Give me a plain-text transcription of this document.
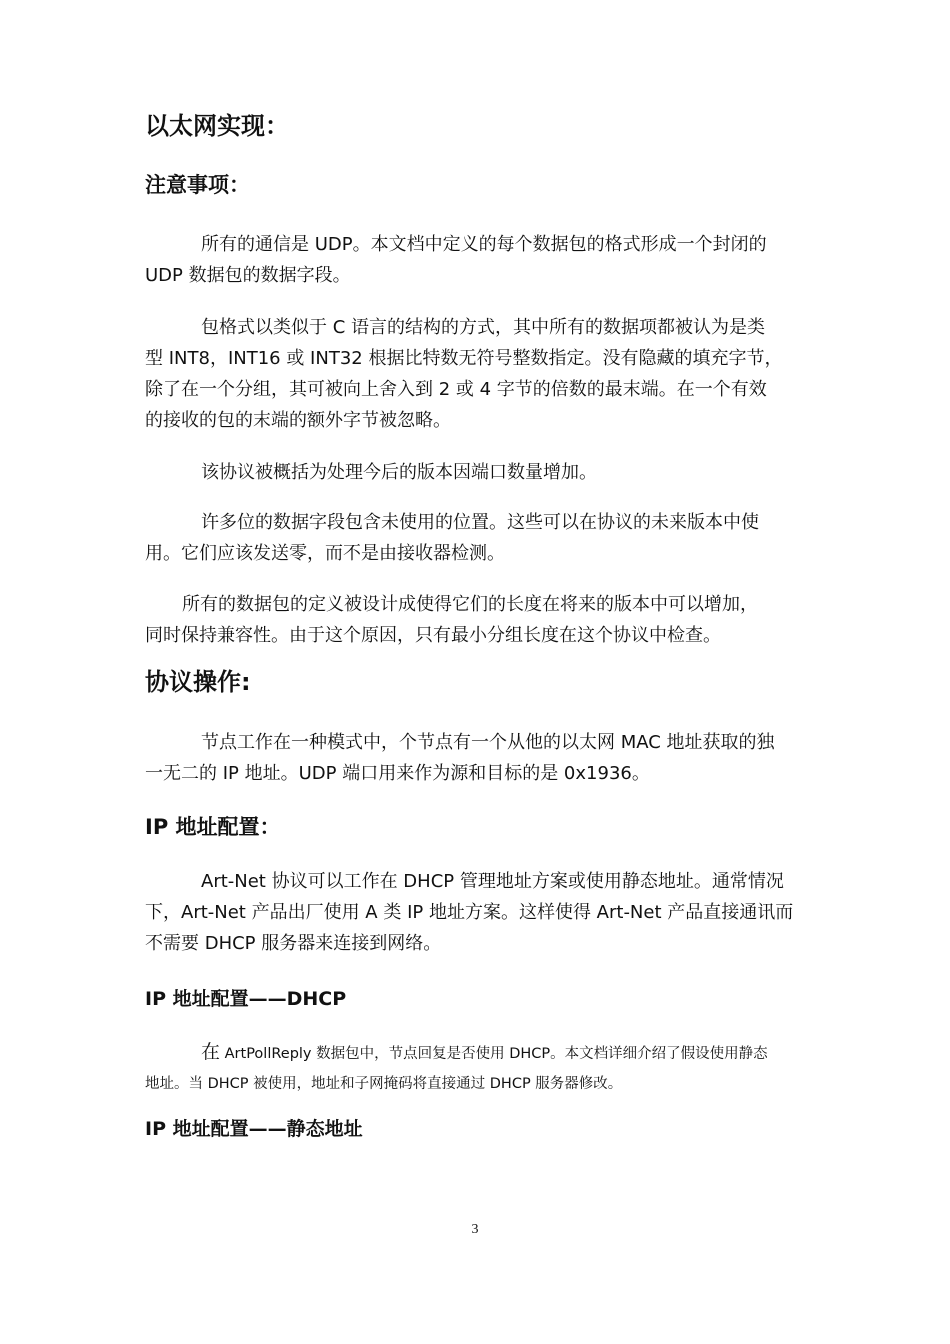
以太网实现：
注意事项：
所有的通信是 UDP。本文档中定义的每个数据包的格式形成一个封闭的
UDP 数据包的数据字段。
包格式以类似于 C 语言的结构的方式，其中所有的数据项都被认为是类
型 INT8，INT16 或 INT32 根据比特数无符号整数指定。没有隐藏的填充字节，
除了在一个分组，其可被向上舍入到 2 或 4 字节的倍数的最末端。在一个有效
的接收的包的末端的额外字节被忽略。
该协议被概括为处理今后的版本因端口数量增加。
许多位的数据字段包含未使用的位置。这些可以在协议的未来版本中使
用。它们应该发送零，而不是由接收器检测。
所有的数据包的定义被设计成使得它们的长度在将来的版本中可以增加，
同时保持兼容性。由于这个原因，只有最小分组长度在这个协议中检查。
协议操作:
节点工作在一种模式中，个节点有一个从他的以太网 MAC 地址获取的独
一无二的 IP 地址。UDP 端口用来作为源和目标的是 0x1936。
IP 地址配置：
Art-Net 协议可以工作在 DHCP 管理地址方案或使用静态地址。通常情况
下，Art-Net 产品出厂使用 A 类 IP 地址方案。这样使得 Art-Net 产品直接通讯而
不需要 DHCP 服务器来连接到网络。
IP 地址配置——DHCP
在 ArtPollReply 数据包中，节点回复是否使用 DHCP。本文档详细介绍了假设使用静态
地址。当 DHCP 被使用，地址和子网掩码将直接通过 DHCP 服务器修改。
IP 地址配置——静态地址
3
